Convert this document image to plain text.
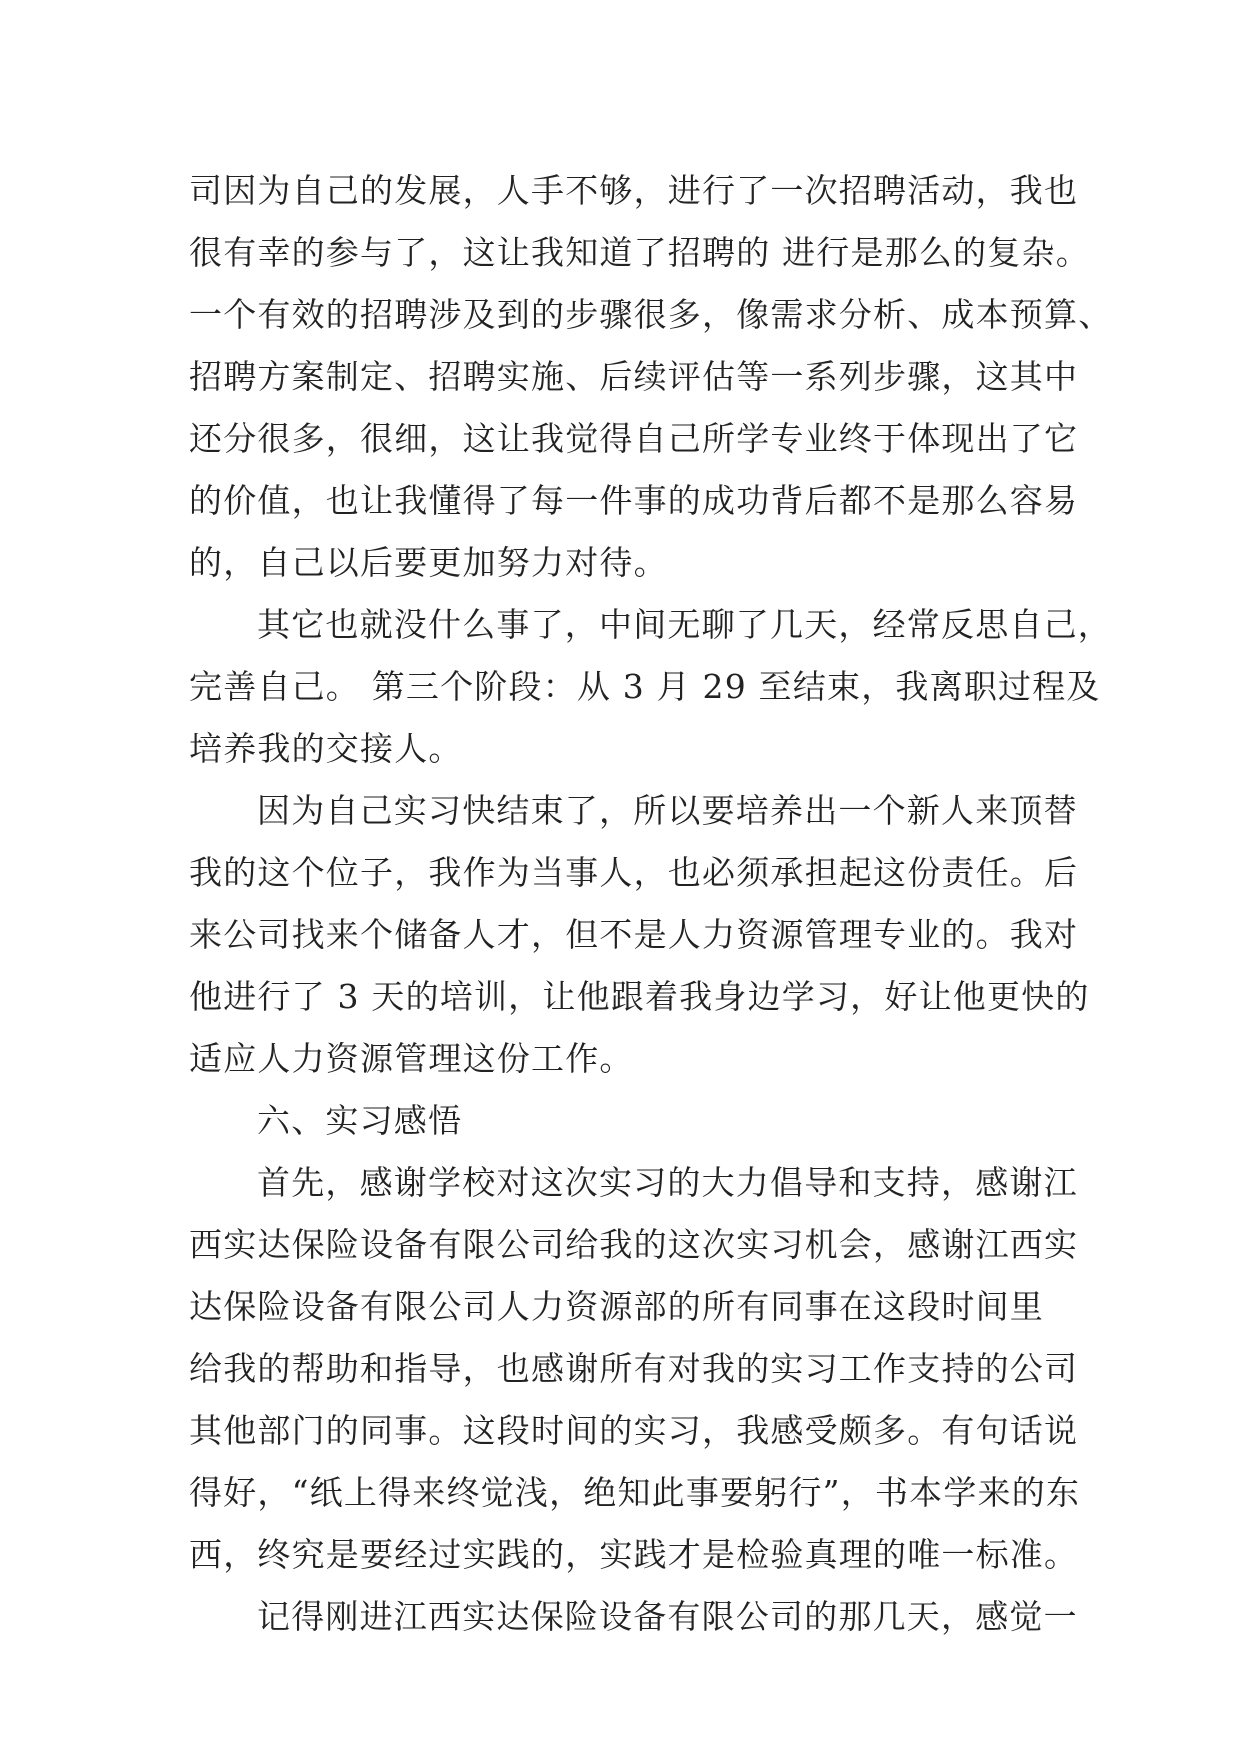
司因为自己的发展，人手不够，进行了一次招聘活动，我也
很有幸的参与了，这让我知道了招聘的 进行是那么的复杂。
一个有效的招聘涉及到的步骤很多，像需求分析、成本预算、
招聘方案制定、招聘实施、后续评估等一系列步骤，这其中
还分很多，很细，这让我觉得自己所学专业终于体现出了它
的价值，也让我懂得了每一件事的成功背后都不是那么容易
的，自己以后要更加努力对待。
其它也就没什么事了，中间无聊了几天，经常反思自己，
完善自己。 第三个阶段：从 3 月 29 至结束，我离职过程及
培养我的交接人。
因为自己实习快结束了，所以要培养出一个新人来顶替
我的这个位子，我作为当事人，也必须承担起这份责任。后
来公司找来个储备人才，但不是人力资源管理专业的。我对
他进行了 3 天的培训，让他跟着我身边学习，好让他更快的
适应人力资源管理这份工作。
六、实习感悟
首先，感谢学校对这次实习的大力倡导和支持，感谢江
西实达保险设备有限公司给我的这次实习机会，感谢江西实
达保险设备有限公司人力资源部的所有同事在这段时间里
给我的帮助和指导，也感谢所有对我的实习工作支持的公司
其他部门的同事。这段时间的实习，我感受颇多。有句话说
得好，“纸上得来终觉浅，绝知此事要躬行”，书本学来的东
西，终究是要经过实践的，实践才是检验真理的唯一标准。
记得刚进江西实达保险设备有限公司的那几天，感觉一
